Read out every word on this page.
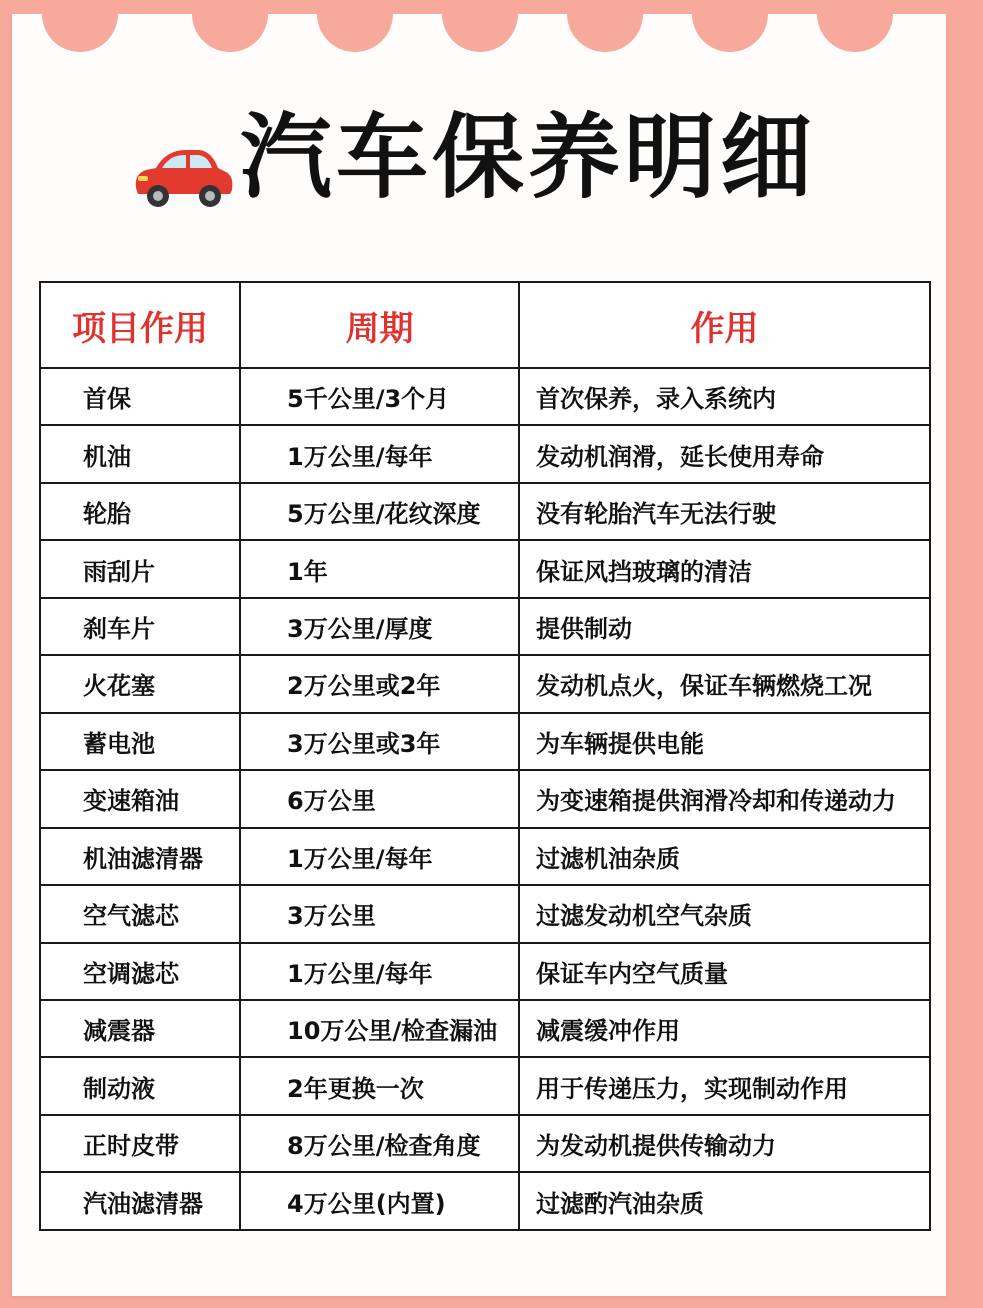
汽车保养明细
项目作用	周期	作用
首保	5千公里/3个月	首次保养，录入系统内
机油	1万公里/每年	发动机润滑，延长使用寿命
轮胎	5万公里/花纹深度	没有轮胎汽车无法行驶
雨刮片	1年	保证风挡玻璃的清洁
刹车片	3万公里/厚度	提供制动
火花塞	2万公里或2年	发动机点火，保证车辆燃烧工况
蓄电池	3万公里或3年	为车辆提供电能
变速箱油	6万公里	为变速箱提供润滑冷却和传递动力
机油滤清器	1万公里/每年	过滤机油杂质
空气滤芯	3万公里	过滤发动机空气杂质
空调滤芯	1万公里/每年	保证车内空气质量
减震器	10万公里/检查漏油	减震缓冲作用
制动液	2年更换一次	用于传递压力，实现制动作用
正时皮带	8万公里/检查角度	为发动机提供传输动力
汽油滤清器	4万公里(内置)	过滤酌汽油杂质
